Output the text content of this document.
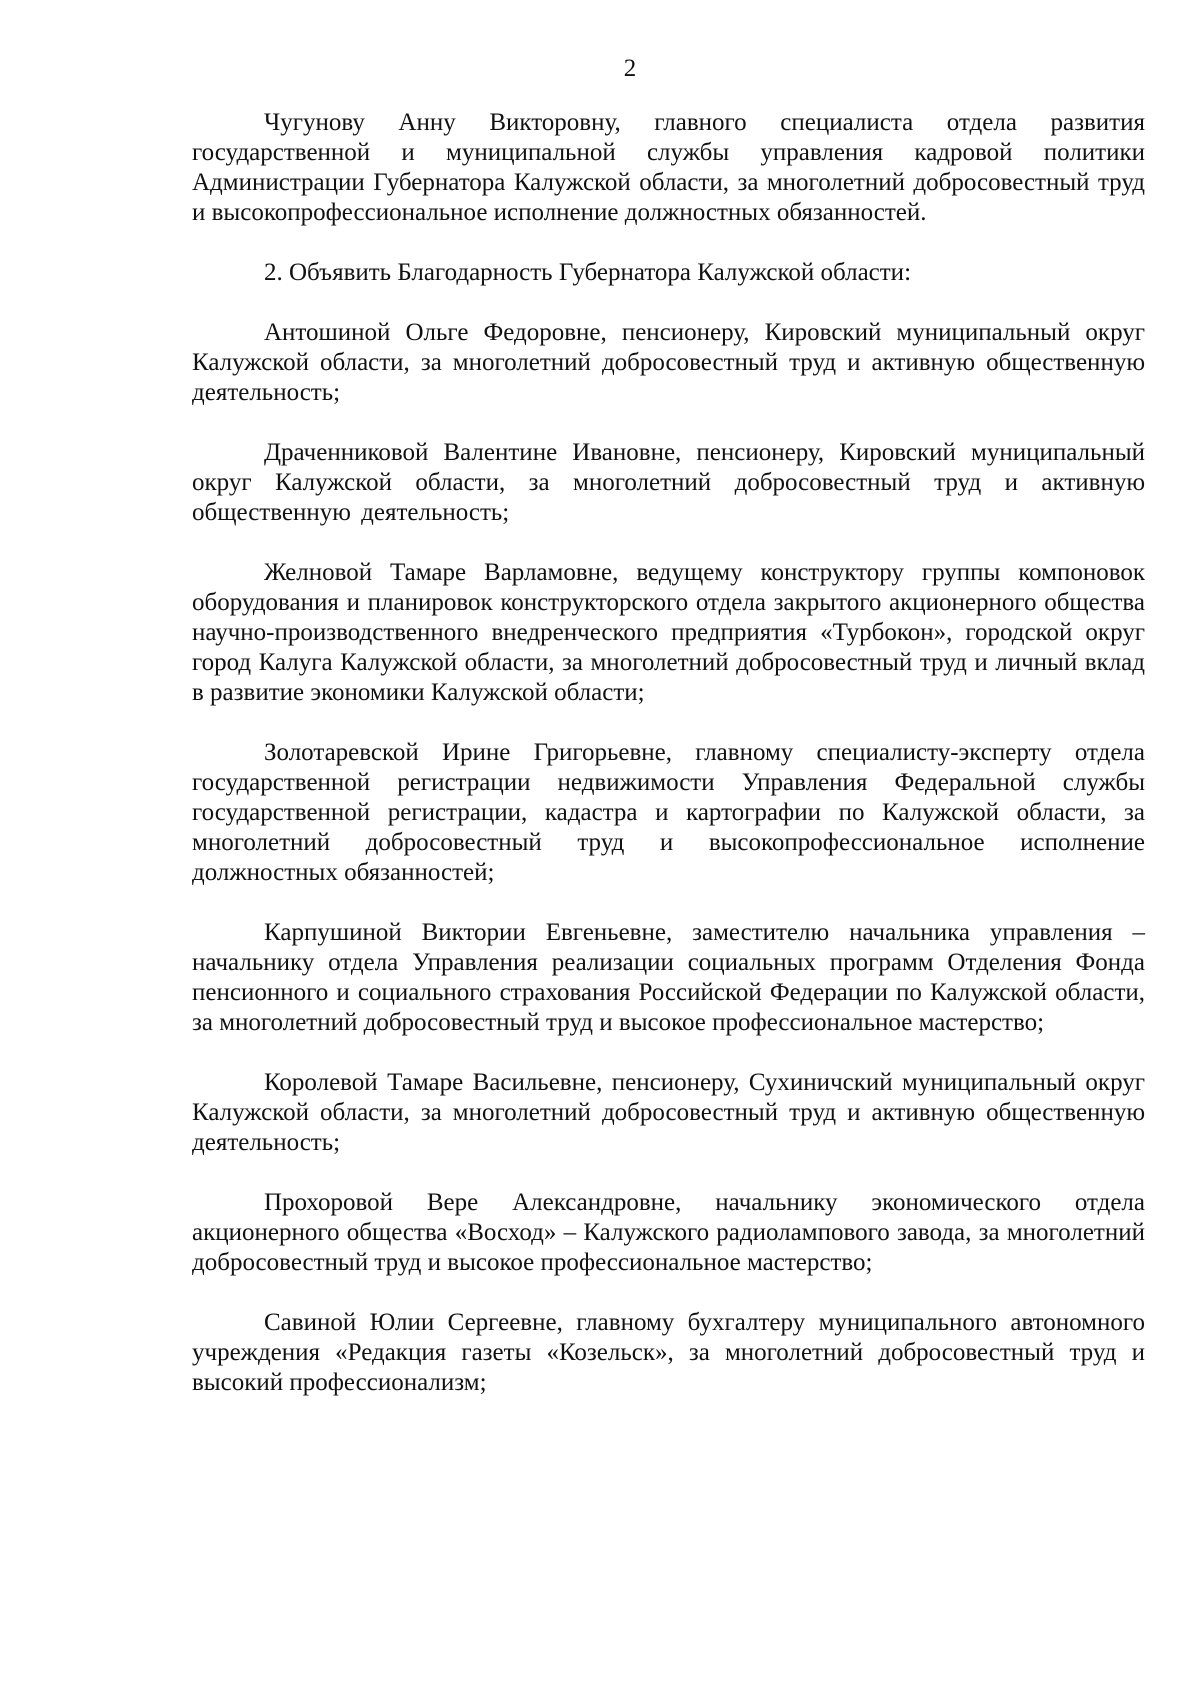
2

Чугунову Анну Викторовну, главного специалиста отдела развития государственной и муниципальной службы управления кадровой политики Администрации Губернатора Калужской области, за многолетний добросовестный труд и высокопрофессиональное исполнение должностных обязанностей.

2. Объявить Благодарность Губернатора Калужской области:

Антошиной Ольге Федоровне, пенсионеру, Кировский муниципальный округ Калужской области, за многолетний добросовестный труд и активную общественную деятельность;

Драченниковой Валентине Ивановне, пенсионеру, Кировский муниципальный округ Калужской области, за многолетний добросовестный труд и активную общественную деятельность;

Желновой Тамаре Варламовне, ведущему конструктору группы компоновок оборудования и планировок конструкторского отдела закрытого акционерного общества научно-производственного внедренческого предприятия «Турбокон», городской округ город Калуга Калужской области, за многолетний добросовестный труд и личный вклад в развитие экономики Калужской области;

Золотаревской Ирине Григорьевне, главному специалисту-эксперту отдела государственной регистрации недвижимости Управления Федеральной службы государственной регистрации, кадастра и картографии по Калужской области, за многолетний добросовестный труд и высокопрофессиональное исполнение должностных обязанностей;

Карпушиной Виктории Евгеньевне, заместителю начальника управления – начальнику отдела Управления реализации социальных программ Отделения Фонда пенсионного и социального страхования Российской Федерации по Калужской области, за многолетний добросовестный труд и высокое профессиональное мастерство;

Королевой Тамаре Васильевне, пенсионеру, Сухиничский муниципальный округ Калужской области, за многолетний добросовестный труд и активную общественную деятельность;

Прохоровой Вере Александровне, начальнику экономического отдела акционерного общества «Восход» – Калужского радиолампового завода, за многолетний добросовестный труд и высокое профессиональное мастерство;

Савиной Юлии Сергеевне, главному бухгалтеру муниципального автономного учреждения «Редакция газеты «Козельск», за многолетний добросовестный труд и высокий профессионализм;
